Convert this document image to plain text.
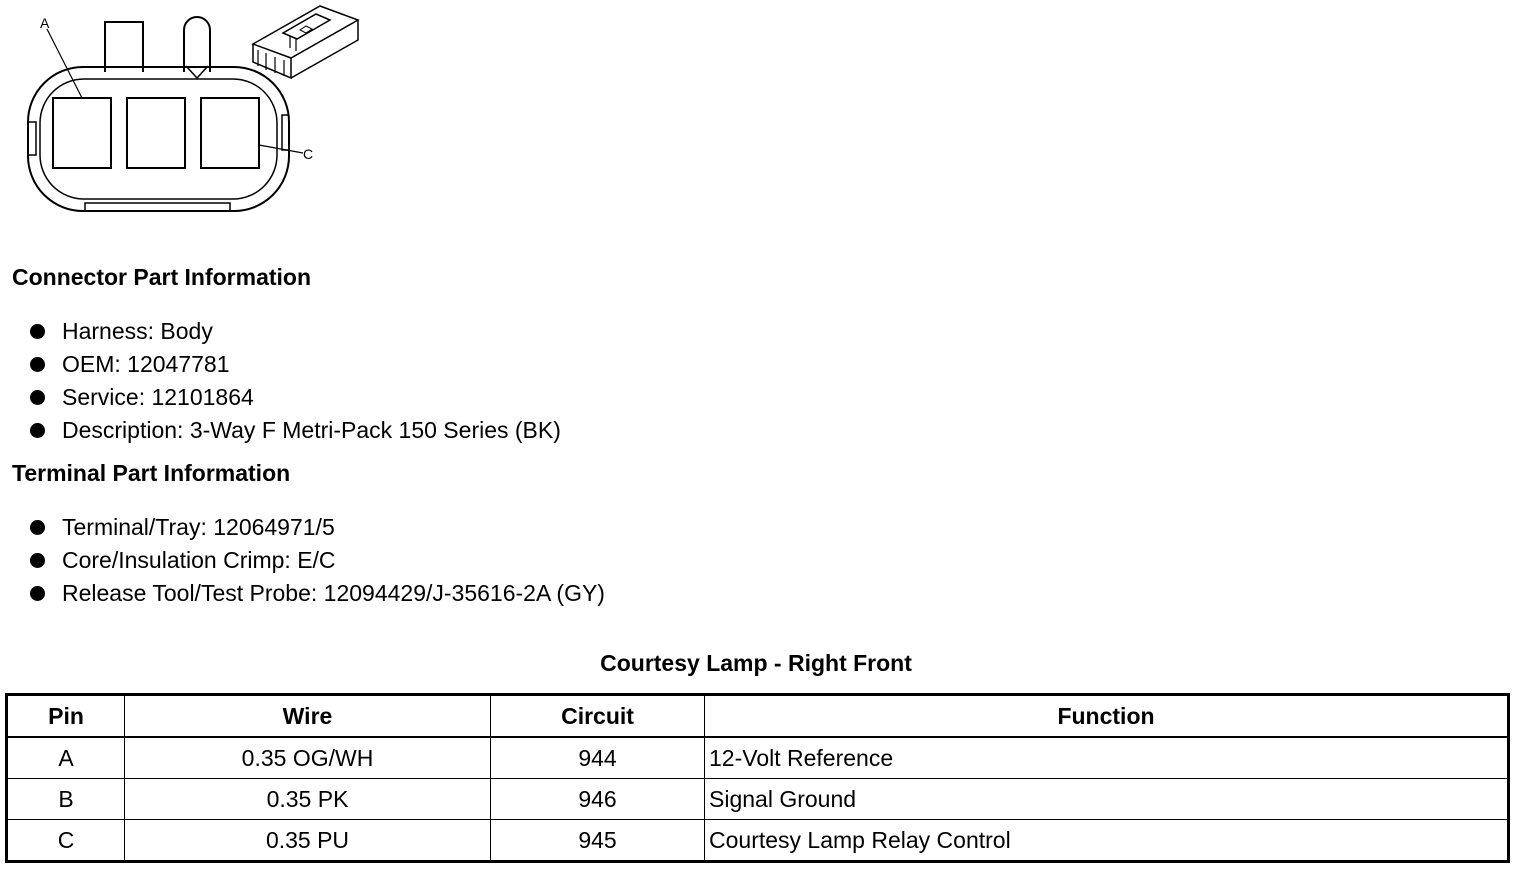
A
C
Connector Part Information
Harness: Body
OEM: 12047781
Service: 12101864
Description: 3-Way F Metri-Pack 150 Series (BK)
Terminal Part Information
Terminal/Tray: 12064971/5
Core/Insulation Crimp: E/C
Release Tool/Test Probe: 12094429/J-35616-2A (GY)
Courtesy Lamp - Right Front
Pin	Wire	Circuit	Function
A	0.35 OG/WH	944	12-Volt Reference
B	0.35 PK	946	Signal Ground
C	0.35 PU	945	Courtesy Lamp Relay Control
